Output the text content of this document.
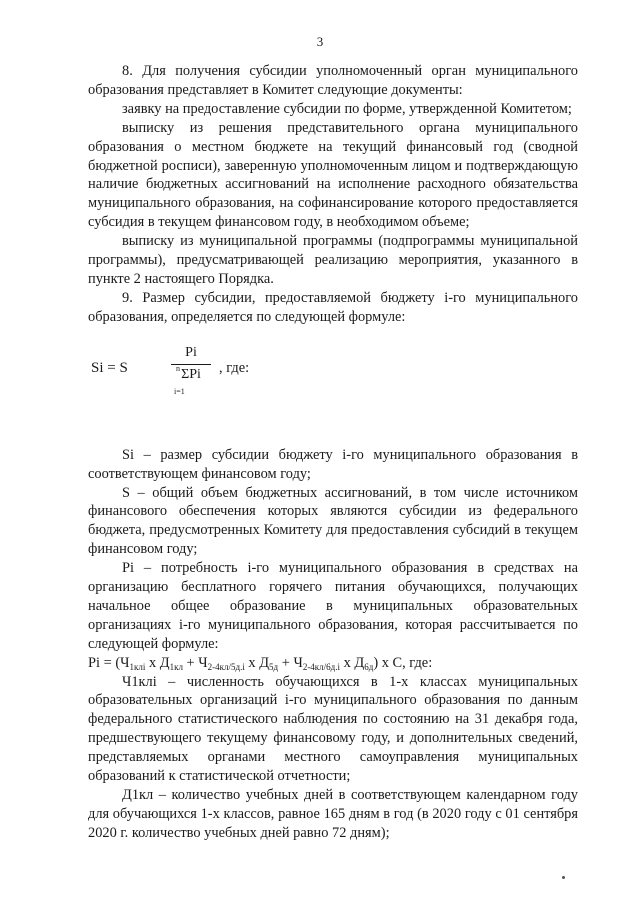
3

8. Для получения субсидии уполномоченный орган муниципального образования представляет в Комитет следующие документы:

заявку на предоставление субсидии по форме, утвержденной Комитетом;

выписку из решения представительного органа муниципального образования о местном бюджете на текущий финансовый год (сводной бюджетной росписи), заверенную уполномоченным лицом и подтверждающую наличие бюджетных ассигнований на исполнение расходного обязательства муниципального образования, на софинансирование которого предоставляется субсидия в текущем финансовом году, в необходимом объеме;

выписку из муниципальной программы (подпрограммы муниципальной программы), предусматривающей реализацию мероприятия, указанного в пункте 2 настоящего Порядка.

9. Размер субсидии, предоставляемой бюджету i-го муниципального образования, определяется по следующей формуле:

Si = S
Pi
n ΣPi
i=1
, где:

Si – размер субсидии бюджету i-го муниципального образования в соответствующем финансовом году;

S – общий объем бюджетных ассигнований, в том числе источником финансового обеспечения которых являются субсидии из федерального бюджета, предусмотренных Комитету для предоставления субсидий в текущем финансовом году;

Pi – потребность i-го муниципального образования в средствах на организацию бесплатного горячего питания обучающихся, получающих начальное общее образование в муниципальных образовательных организациях i-го муниципального образования, которая рассчитывается по следующей формуле:

$Pi = (Ч_{1клi}$ x $Д_{1кл} + Ч_{2-4кл/5д.i}$ x $Д_{5д} + Ч_{2-4кл/6д.i}$ x $Д_{6д}$) x C, где:

Ч1клi – численность обучающихся в 1-х классах муниципальных образовательных организаций i-го муниципального образования по данным федерального статистического наблюдения по состоянию на 31 декабря года, предшествующего текущему финансовому году, и дополнительных сведений, представляемых органами местного самоуправления муниципальных образований к статистической отчетности;

Д1кл – количество учебных дней в соответствующем календарном году для обучающихся 1-х классов, равное 165 дням в год (в 2020 году с 01 сентября 2020 г. количество учебных дней равно 72 дням);
